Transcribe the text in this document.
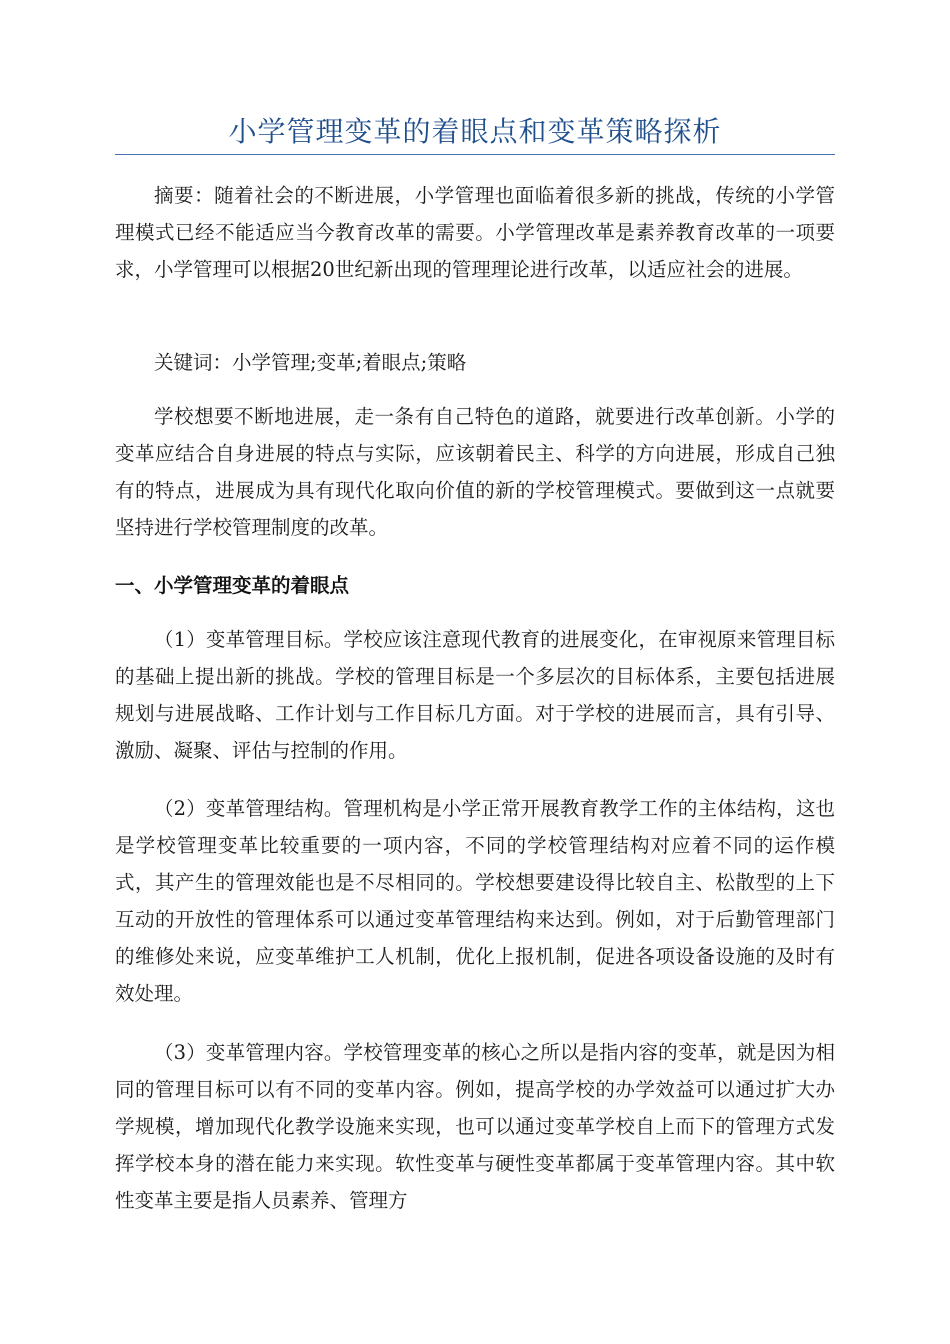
小学管理变革的着眼点和变革策略探析

摘要：随着社会的不断进展，小学管理也面临着很多新的挑战，传统的小学管理模式已经不能适应当今教育改革的需要。小学管理改革是素养教育改革的一项要求，小学管理可以根据20世纪新出现的管理理论进行改革，以适应社会的进展。

关键词：小学管理;变革;着眼点;策略

学校想要不断地进展，走一条有自己特色的道路，就要进行改革创新。小学的变革应结合自身进展的特点与实际，应该朝着民主、科学的方向进展，形成自己独有的特点，进展成为具有现代化取向价值的新的学校管理模式。要做到这一点就要坚持进行学校管理制度的改革。

一、小学管理变革的着眼点

（1）变革管理目标。学校应该注意现代教育的进展变化，在审视原来管理目标的基础上提出新的挑战。学校的管理目标是一个多层次的目标体系，主要包括进展规划与进展战略、工作计划与工作目标几方面。对于学校的进展而言，具有引导、激励、凝聚、评估与控制的作用。

（2）变革管理结构。管理机构是小学正常开展教育教学工作的主体结构，这也是学校管理变革比较重要的一项内容，不同的学校管理结构对应着不同的运作模式，其产生的管理效能也是不尽相同的。学校想要建设得比较自主、松散型的上下互动的开放性的管理体系可以通过变革管理结构来达到。例如，对于后勤管理部门的维修处来说，应变革维护工人机制，优化上报机制，促进各项设备设施的及时有效处理。

（3）变革管理内容。学校管理变革的核心之所以是指内容的变革，就是因为相同的管理目标可以有不同的变革内容。例如，提高学校的办学效益可以通过扩大办学规模，增加现代化教学设施来实现，也可以通过变革学校自上而下的管理方式发挥学校本身的潜在能力来实现。软性变革与硬性变革都属于变革管理内容。其中软性变革主要是指人员素养、管理方
